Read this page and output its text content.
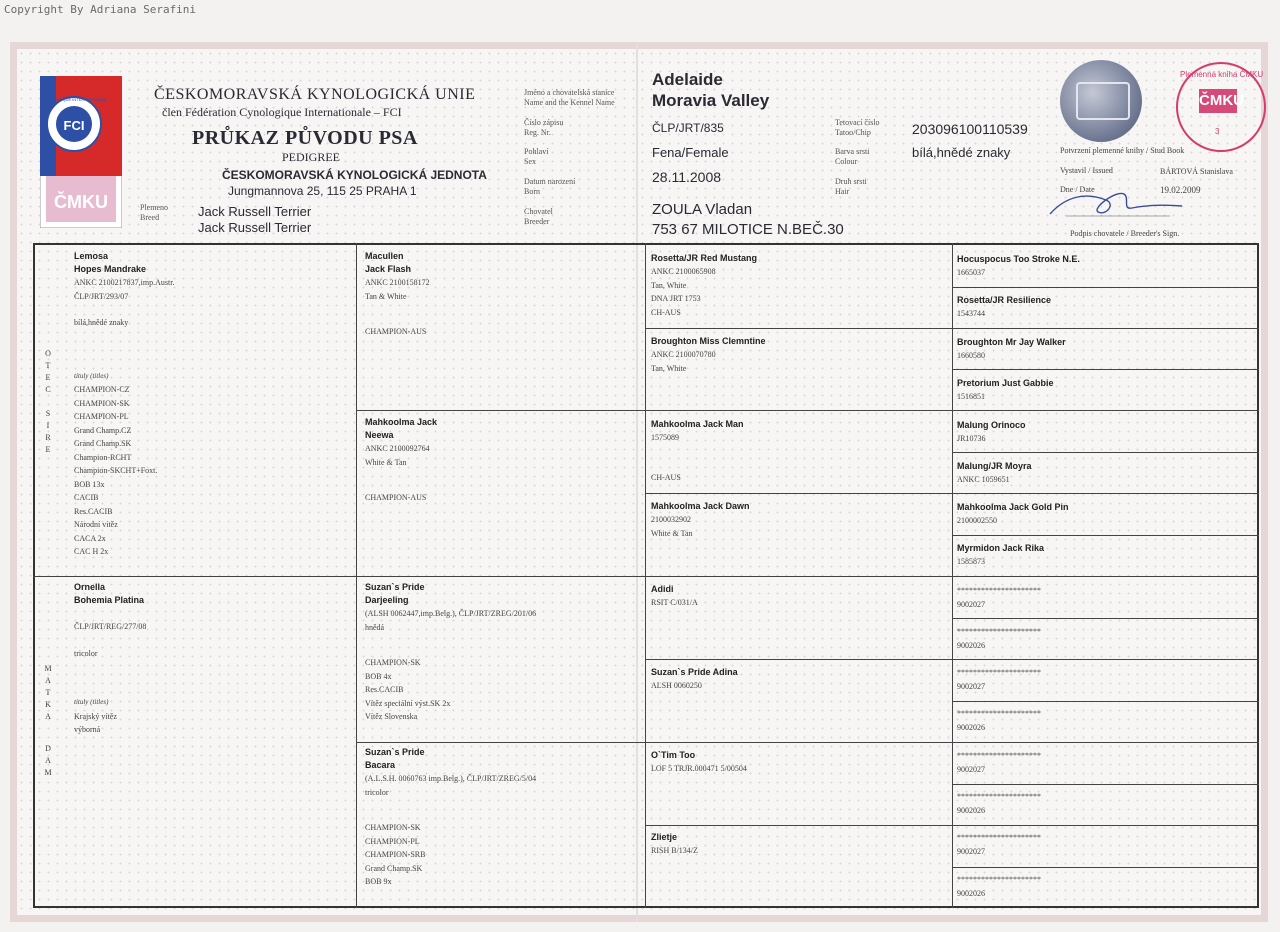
Copyright By Adriana Serafini
FCI
CYNOLOGIQUE INTERNATIONALE
ČMKU
ČESKOMORAVSKÁ KYNOLOGICKÁ UNIE
člen Fédération Cynologique Internationale – FCI
PRŮKAZ PŮVODU PSA
PEDIGREE
ČESKOMORAVSKÁ KYNOLOGICKÁ JEDNOTA
Jungmannova 25, 115 25 PRAHA 1
Plemeno
Breed	Jack Russell Terrier
Jack Russell Terrier
Jméno a chovatelská stanice
Name and the Kennel Name
Adelaide
Moravia Valley
Číslo zápisu
Reg. Nr.	ČLP/JRT/835
Pohlaví
Sex
Fena/Female
Datum narození
Born
28.11.2008
Chovatel
Breeder
ZOULA Vladan
753 67 MILOTICE N.BEČ.30
Tetovací číslo
Tatoo/Chip	203096100110539
Barva srsti
Colour
bílá,hnědé znaky
Druh srsti
Hair
Plemenná kniha ČMKU
ČMKU
3
Potvrzení plemenné knihy / Stud Book
Vystavil / Issued	BÁRTOVÁ Stanislava
Dne / Date	19.02.2009
Podpis chovatele / Breeder's Sign.
O
T
E
C
S
I
R
E
M
A
T
K
A
D
A
M
Lemosa
Hopes Mandrake
ANKC 2100217837,imp.Austr.
ČLP/JRT/293/07
bílá,hnědé znaky
tituly (titles)
CHAMPION-CZ
CHAMPION-SK
CHAMPION-PL
Grand Champ.CZ
Grand Champ.SK
Champion-RCHT
Champion-SKCHT+Foxt.
BOB 13x
CACIB
Res.CACIB
Národní vítěz
CACA 2x
CAC H 2x
Ornella
Bohemia Platina
ČLP/JRT/REG/277/08
tricolor
tituly (titles)
Krajský vítěz
výborná
Macullen
Jack Flash
ANKC 2100158172
Tan & White
CHAMPION-AUS
Mahkoolma Jack
Neewa
ANKC 2100092764
White & Tan
CHAMPION-AUS
Suzan`s Pride
Darjeeling
(ALSH 0062447,imp.Belg.), ČLP/JRT/ZREG/201/06
hnědá
CHAMPION-SK
BOB 4x
Res.CACIB
Vítěz speciální výst.SK 2x
Vítěz Slovenska
Suzan`s Pride
Bacara
(A.L.S.H. 0060763 imp.Belg.), ČLP/JRT/ZREG/5/04
tricolor
CHAMPION-SK
CHAMPION-PL
CHAMPION-SRB
Grand Champ.SK
BOB 9x
Rosetta/JR Red Mustang
ANKC 2100065908
Tan, White
DNA JRT 1753
CH-AUS
Broughton Miss Clemntine
ANKC 2100070780
Tan, White
Mahkoolma Jack Man
1575089
CH-AUS
Mahkoolma Jack Dawn
2100032902
White & Tan
Adidi
RSIT C/031/A
Suzan`s Pride Adina
ALSH 0060250
O`Tim Too
LOF 5 TRJR.000471 5/00504
Zlietje
RISH B/134/Z
Hocuspocus Too Stroke N.E.
1665037
Rosetta/JR Resilience
1543744
Broughton Mr Jay Walker
1660580
Pretorium Just Gabbie
1516851
Malung Orinoco
JR10736
Malung/JR Moyra
ANKC 1059651
Mahkoolma Jack Gold Pin
2100002550
Myrmidon Jack Rika
1585873
*********************
9002027
*********************
9002026
*********************
9002027
*********************
9002026
*********************
9002027
*********************
9002026
*********************
9002027
*********************
9002026
